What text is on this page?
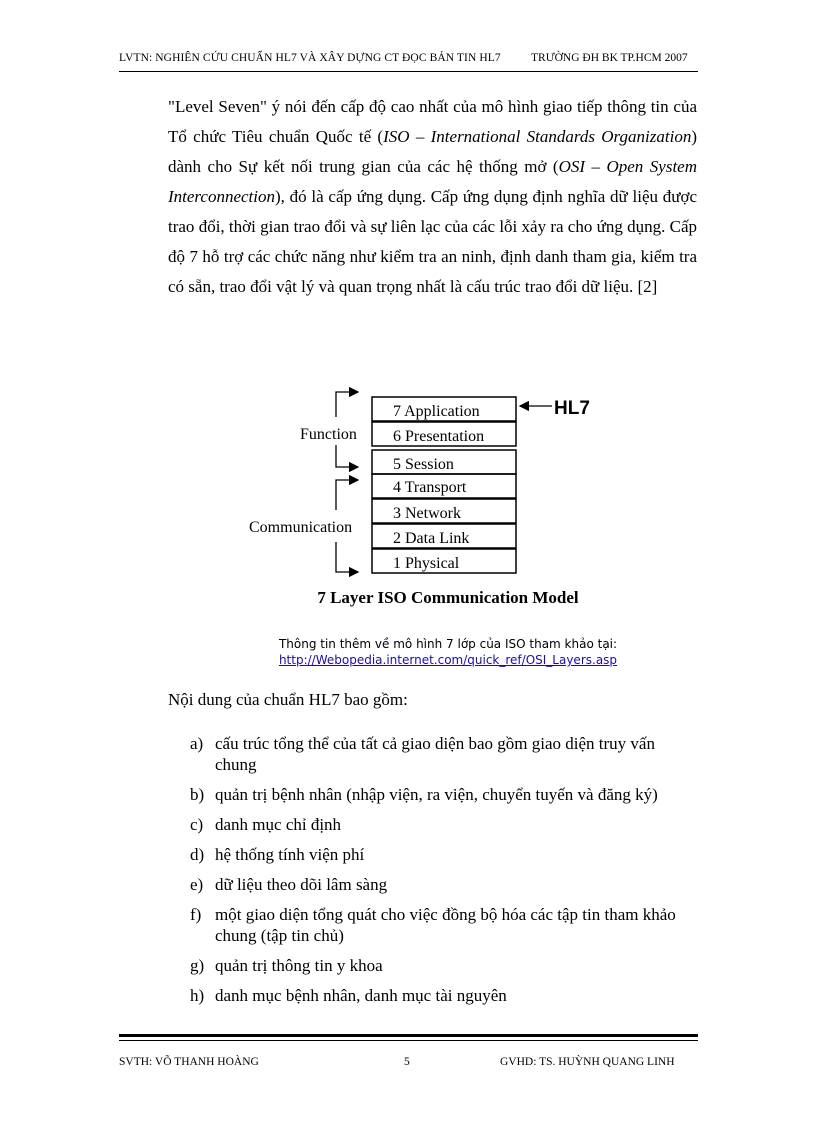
LVTN: NGHIÊN CỨU CHUẨN HL7 VÀ XÂY DỰNG CT ĐỌC BẢN TIN HL7	TRƯỜNG ĐH BK TP.HCM 2007
"Level Seven" ý nói đến cấp độ cao nhất của mô hình giao tiếp thông tin của Tổ chức Tiêu chuẩn Quốc tế (ISO – International Standards Organization) dành cho Sự kết nối trung gian của các hệ thống mở (OSI – Open System Interconnection), đó là cấp ứng dụng. Cấp ứng dụng định nghĩa dữ liệu được trao đổi, thời gian trao đổi và sự liên lạc của các lỗi xảy ra cho ứng dụng. Cấp độ 7 hỗ trợ các chức năng như kiểm tra an ninh, định danh tham gia, kiểm tra có sẵn, trao đổi vật lý và quan trọng nhất là cấu trúc trao đổi dữ liệu. [2]
7 Application
6 Presentation
5 Session
4 Transport
3 Network
2 Data Link
1 Physical
Function
Communication
HL7
7 Layer ISO Communication Model
Thông tin thêm về mô hình 7 lớp của ISO tham khảo tại:
http://Webopedia.internet.com/quick_ref/OSI_Layers.asp
Nội dung của chuẩn HL7 bao gồm:
a) cấu trúc tổng thể của tất cả giao diện bao gồm giao diện truy vấn chung
b) quản trị bệnh nhân (nhập viện, ra viện, chuyển tuyến và đăng ký)
c) danh mục chỉ định
d) hệ thống tính viện phí
e) dữ liệu theo dõi lâm sàng
f) một giao diện tổng quát cho việc đồng bộ hóa các tập tin tham khảo chung (tập tin chủ)
g) quản trị thông tin y khoa
h) danh mục bệnh nhân, danh mục tài nguyên
SVTH: VÕ THANH HOÀNG	5	GVHD: TS. HUỲNH QUANG LINH
